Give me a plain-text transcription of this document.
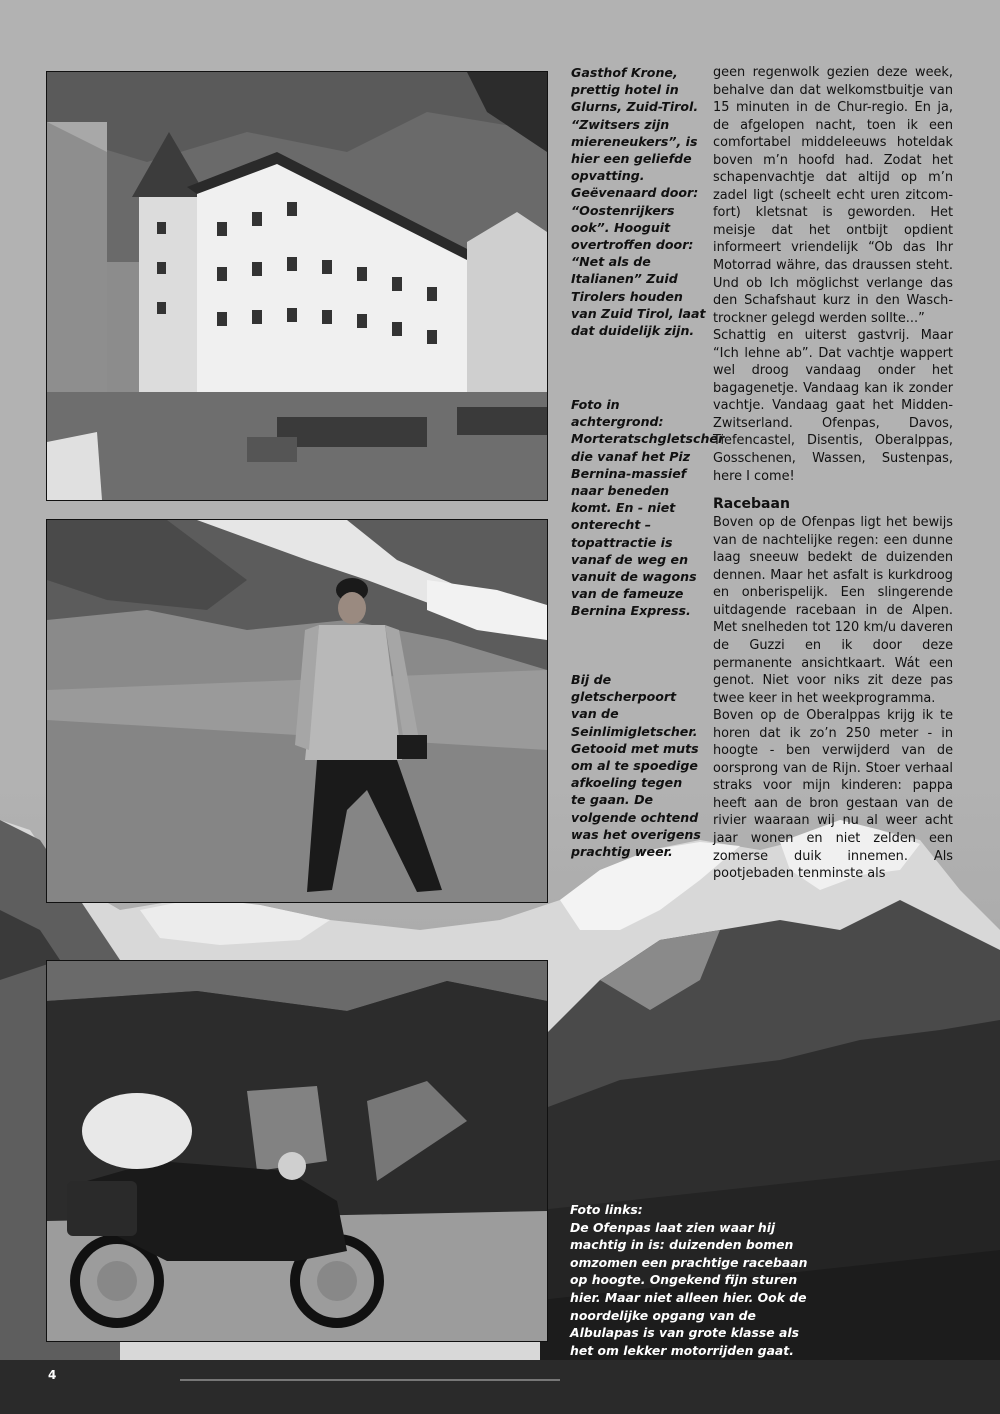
Gasthof Krone, prettig hotel in Glurns, Zuid-Tirol. “Zwitsers zijn miereneukers”, is hier een geliefde opvatting. Geëvenaard door: “Oostenrijkers ook”. Hooguit overtroffen door: “Net als de Italianen” Zuid Tirolers houden van Zuid Tirol, laat dat duidelijk zijn.

Foto in achtergrond: Morteratschgletscher die vanaf het Piz Bernina-massief naar beneden komt. En - niet onterecht – topattractie is vanaf de weg en vanuit de wagons van de fameuze Bernina Express.

Bij de gletscherpoort van de Seinlimigletscher. Getooid met muts om al te spoedige afkoeling tegen te gaan. De volgende ochtend was het overigens prachtig weer.

geen regenwolk gezien deze week, behalve dan dat welkomstbuitje van 15 minuten in de Chur-regio. En ja, de afgelopen nacht, toen ik een comfortabel middeleeuws hoteldak boven m’n hoofd had. Zodat het schapenvachtje dat altijd op m’n zadel ligt (scheelt echt uren zitcomfort) kletsnat is geworden. Het meisje dat het ontbijt opdient informeert vriendelijk “Ob das Ihr Motorrad währe, das draussen steht. Und ob Ich möglichst verlange das den Schafshaut kurz in den Waschtrockner gelegd werden sollte...”

Schattig en uiterst gastvrij. Maar “Ich lehne ab”. Dat vachtje wappert wel droog vandaag onder het bagagenetje. Vandaag kan ik zonder vachtje. Vandaag gaat het Midden-Zwitserland. Ofenpas, Davos, Tiefencastel, Disentis, Oberalppas, Gosschenen, Wassen, Sustenpas, here I come!

Racebaan

Boven op de Ofenpas ligt het bewijs van de nachtelijke regen: een dunne laag sneeuw bedekt de duizenden dennen. Maar het asfalt is kurkdroog en onberispelijk. Een slingerende uitdagende racebaan in de Alpen. Met snelheden tot 120 km/u daveren de Guzzi en ik door deze permanente ansichtkaart. Wát een genot. Niet voor niks zit deze pas twee keer in het weekprogramma.

Boven op de Oberalppas krijg ik te horen dat ik zo’n 250 meter - in hoogte - ben verwijderd van de oorsprong van de Rijn. Stoer verhaal straks voor mijn kinderen: pappa heeft aan de bron gestaan van de rivier waaraan wij nu al weer acht jaar wonen en niet zelden een zomerse duik innemen. Als pootjebaden tenminste als

Foto links:

De Ofenpas laat zien waar hij machtig in is: duizenden bomen omzomen een prachtige racebaan op hoogte. Ongekend fijn sturen hier. Maar niet alleen hier. Ook de noordelijke opgang van de Albulapas is van grote klasse als het om lekker motorrijden gaat.

4
